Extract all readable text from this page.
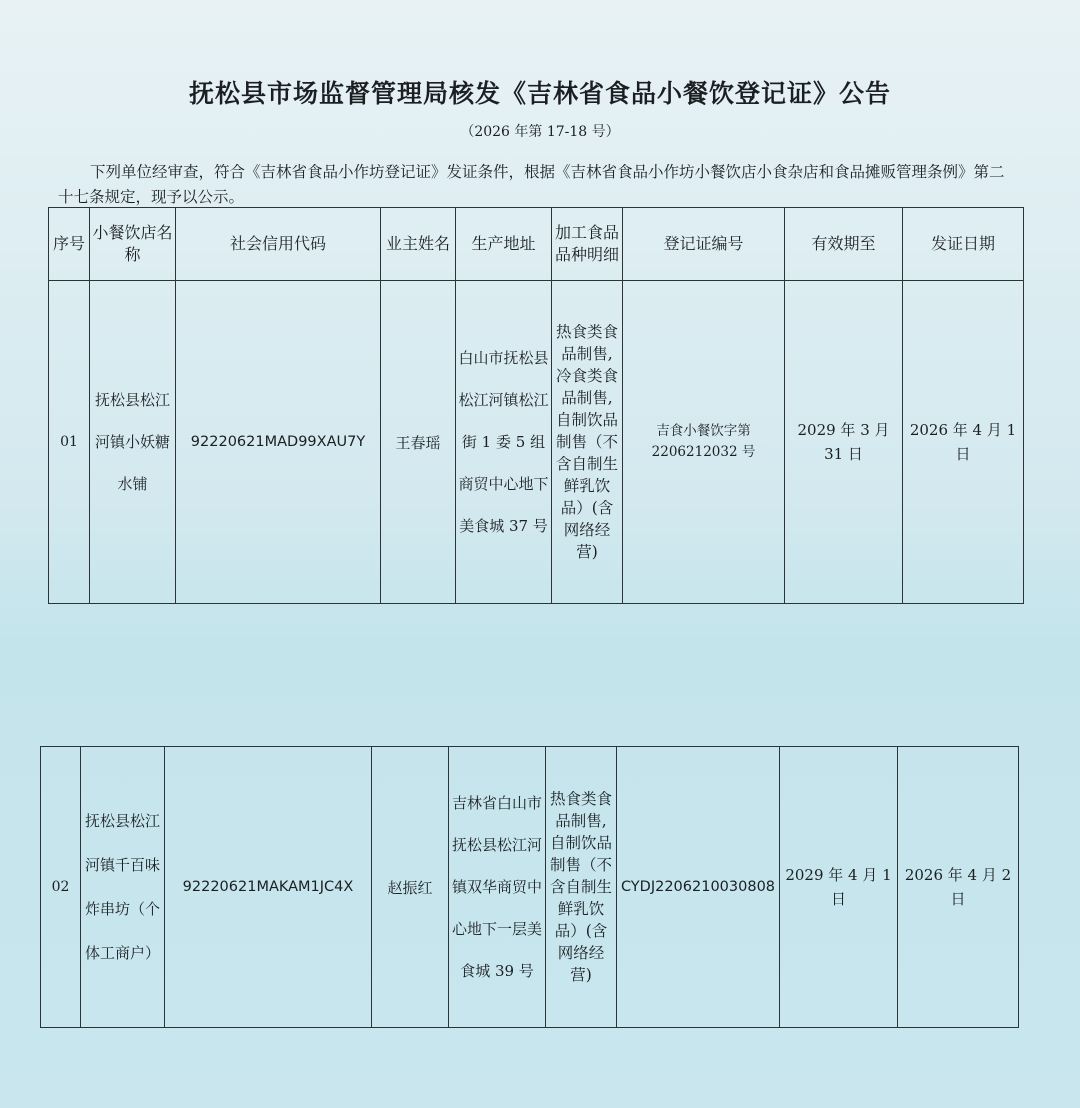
抚松县市场监督管理局核发《吉林省食品小餐饮登记证》公告
（2026 年第 17-18 号）
下列单位经审查，符合《吉林省食品小作坊登记证》发证条件，根据《吉林省食品小作坊小餐饮店小食杂店和食品摊贩管理条例》第二十七条规定，现予以公示。
序号	小餐饮店名称	社会信用代码	业主姓名	生产地址	加工食品品种明细	登记证编号	有效期至	发证日期
01	抚松县松江河镇小妖糖水铺	92220621MAD99XAU7Y	王春瑶	白山市抚松县松江河镇松江街 1 委 5 组商贸中心地下美食城 37 号	热食类食品制售,冷食类食品制售,自制饮品制售（不含自制生鲜乳饮品）(含网络经营)	吉食小餐饮字第 2206212032 号	2029 年 3 月 31 日	2026 年 4 月 1 日
02	抚松县松江河镇千百味炸串坊（个体工商户）	92220621MAKAM1JC4X	赵振红	吉林省白山市抚松县松江河镇双华商贸中心地下一层美食城 39 号	热食类食品制售,自制饮品制售（不含自制生鲜乳饮品）(含网络经营)	CYDJ2206210030808	2029 年 4 月 1 日	2026 年 4 月 2 日
